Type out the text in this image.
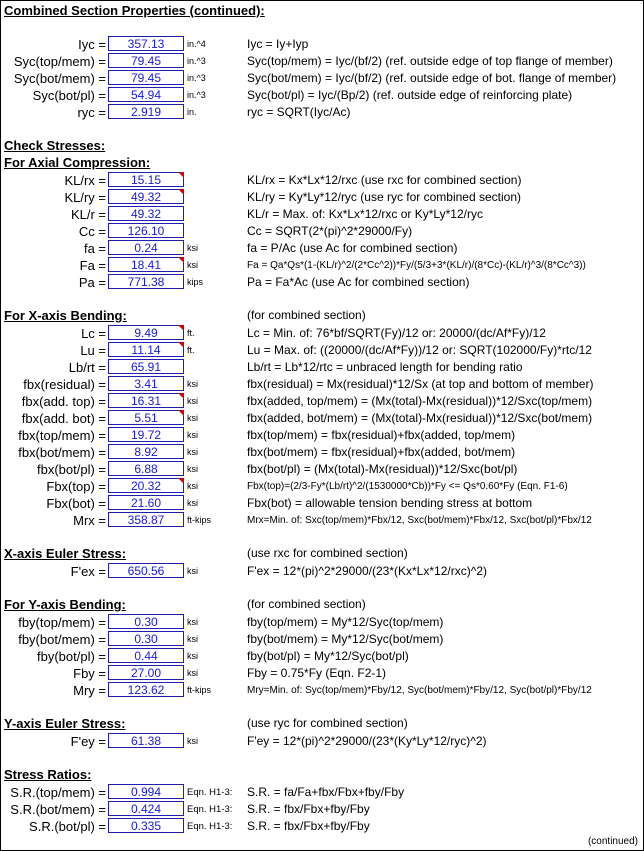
Combined Section Properties (continued):
Iyc =	357.13	in.^4	Iyc = Iy+Iyp
Syc(top/mem) =	79.45	in.^3	Syc(top/mem) = Iyc/(bf/2) (ref. outside edge of top flange of member)
Syc(bot/mem) =	79.45	in.^3	Syc(bot/mem) = Iyc/(bf/2) (ref. outside edge of bot. flange of member)
Syc(bot/pl) =	54.94	in.^3	Syc(bot/pl) = Iyc/(Bp/2) (ref. outside edge of reinforcing plate)
ryc =	2.919	in.	ryc = SQRT(Iyc/Ac)
Check Stresses:
For Axial Compression:
KL/rx =	15.15	KL/rx = Kx*Lx*12/rxc (use rxc for combined section)
KL/ry =	49.32	KL/ry = Ky*Ly*12/ryc (use ryc for combined section)
KL/r =	49.32	KL/r = Max. of: Kx*Lx*12/rxc or Ky*Ly*12/ryc
Cc =	126.10	Cc = SQRT(2*(pi)^2*29000/Fy)
fa =	0.24	ksi	fa = P/Ac (use Ac for combined section)
Fa =	18.41	ksi	Fa = Qa*Qs*(1-(KL/r)^2/(2*Cc^2))*Fy/(5/3+3*(KL/r)/(8*Cc)-(KL/r)^3/(8*Cc^3))
Pa =	771.38	kips	Pa = Fa*Ac (use Ac for combined section)
For X-axis Bending:	(for combined section)
Lc =	9.49	ft.	Lc = Min. of: 76*bf/SQRT(Fy)/12 or: 20000/(dc/Af*Fy)/12
Lu =	11.14	ft.	Lu = Max. of: ((20000/(dc/Af*Fy))/12 or: SQRT(102000/Fy)*rtc/12
Lb/rt =	65.91	Lb/rt = Lb*12/rtc = unbraced length for bending ratio
fbx(residual) =	3.41	ksi	fbx(residual) = Mx(residual)*12/Sx (at top and bottom of member)
fbx(add. top) =	16.31	ksi	fbx(added, top/mem) = (Mx(total)-Mx(residual))*12/Sxc(top/mem)
fbx(add. bot) =	5.51	ksi	fbx(added, bot/mem) = (Mx(total)-Mx(residual))*12/Sxc(bot/mem)
fbx(top/mem) =	19.72	ksi	fbx(top/mem) = fbx(residual)+fbx(added, top/mem)
fbx(bot/mem) =	8.92	ksi	fbx(bot/mem) = fbx(residual)+fbx(added, bot/mem)
fbx(bot/pl) =	6.88	ksi	fbx(bot/pl) = (Mx(total)-Mx(residual))*12/Sxc(bot/pl)
Fbx(top) =	20.32	ksi	Fbx(top)=(2/3-Fy*(Lb/rt)^2/(1530000*Cb))*Fy <= Qs*0.60*Fy (Eqn. F1-6)
Fbx(bot) =	21.60	ksi	Fbx(bot) = allowable tension bending stress at bottom
Mrx =	358.87	ft-kips	Mrx=Min. of: Sxc(top/mem)*Fbx/12, Sxc(bot/mem)*Fbx/12, Sxc(bot/pl)*Fbx/12
X-axis Euler Stress:	(use rxc for combined section)
F'ex =	650.56	ksi	F'ex = 12*(pi)^2*29000/(23*(Kx*Lx*12/rxc)^2)
For Y-axis Bending:	(for combined section)
fby(top/mem) =	0.30	ksi	fby(top/mem) = My*12/Syc(top/mem)
fby(bot/mem) =	0.30	ksi	fby(bot/mem) = My*12/Syc(bot/mem)
fby(bot/pl) =	0.44	ksi	fby(bot/pl) = My*12/Syc(bot/pl)
Fby =	27.00	ksi	Fby = 0.75*Fy (Eqn. F2-1)
Mry =	123.62	ft-kips	Mry=Min. of: Syc(top/mem)*Fby/12, Syc(bot/mem)*Fby/12, Syc(bot/pl)*Fby/12
Y-axis Euler Stress:	(use ryc for combined section)
F'ey =	61.38	ksi	F'ey = 12*(pi)^2*29000/(23*(Ky*Ly*12/ryc)^2)
Stress Ratios:
S.R.(top/mem) =	0.994	Eqn. H1-3: S.R. = fa/Fa+fbx/Fbx+fby/Fby
S.R.(bot/mem) =	0.424	Eqn. H1-3: S.R. = fbx/Fbx+fby/Fby
S.R.(bot/pl) =	0.335	Eqn. H1-3: S.R. = fbx/Fbx+fby/Fby
(continued)
